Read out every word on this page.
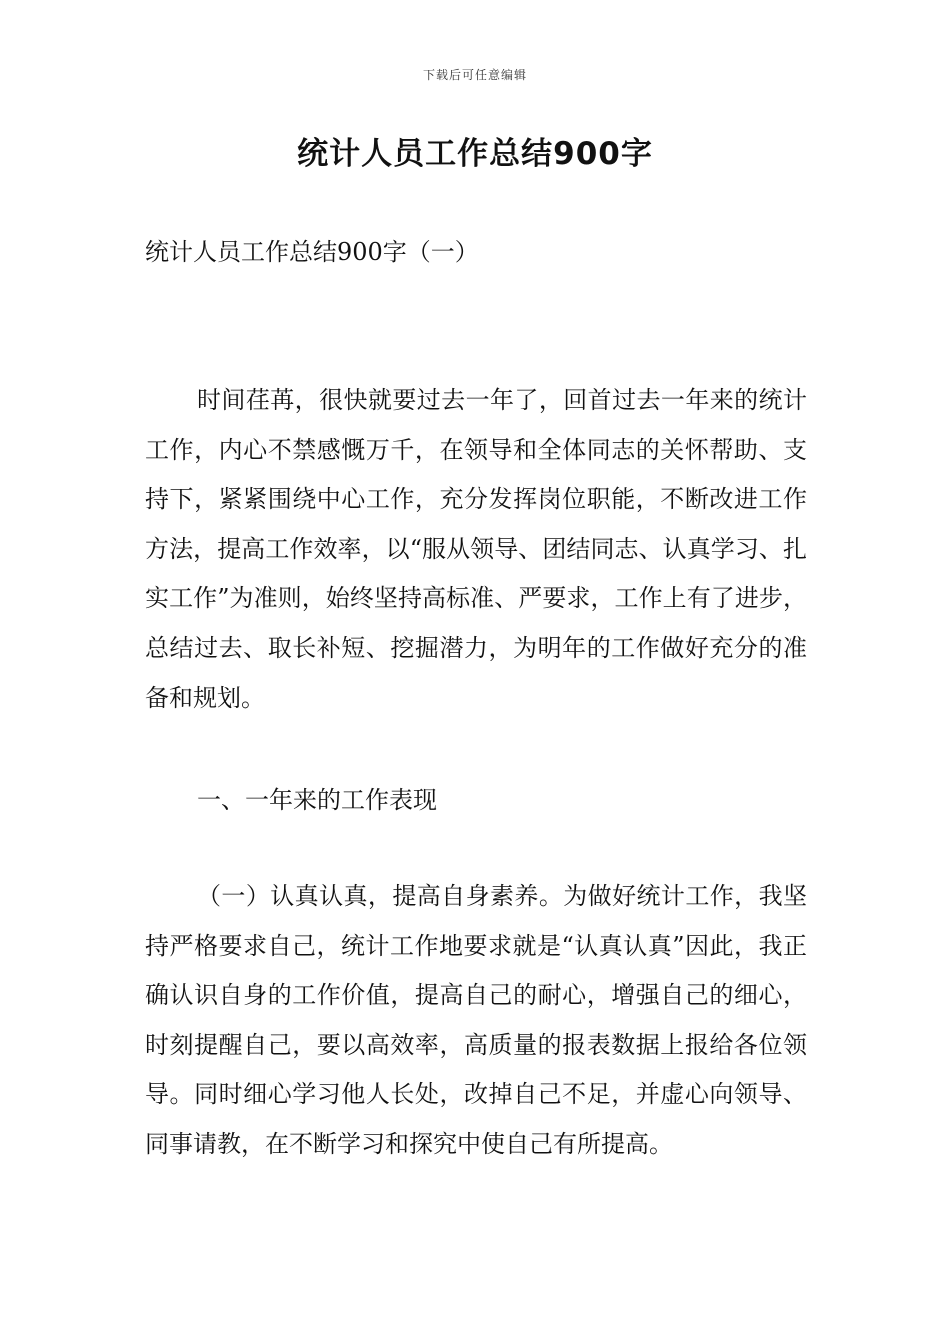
下载后可任意编辑
统计人员工作总结900字
统计人员工作总结900字（一）

时间荏苒，很快就要过去一年了，回首过去一年来的统计工作，内心不禁感慨万千，在领导和全体同志的关怀帮助、支持下，紧紧围绕中心工作，充分发挥岗位职能，不断改进工作方法，提高工作效率，以“服从领导、团结同志、认真学习、扎实工作”为准则，始终坚持高标准、严要求，工作上有了进步，总结过去、取长补短、挖掘潜力，为明年的工作做好充分的准备和规划。

一、一年来的工作表现

（一）认真认真，提高自身素养。为做好统计工作，我坚持严格要求自己，统计工作地要求就是“认真认真”因此，我正确认识自身的工作价值，提高自己的耐心，增强自己的细心，时刻提醒自己，要以高效率，高质量的报表数据上报给各位领导。同时细心学习他人长处，改掉自己不足，并虚心向领导、同事请教，在不断学习和探究中使自己有所提高。
